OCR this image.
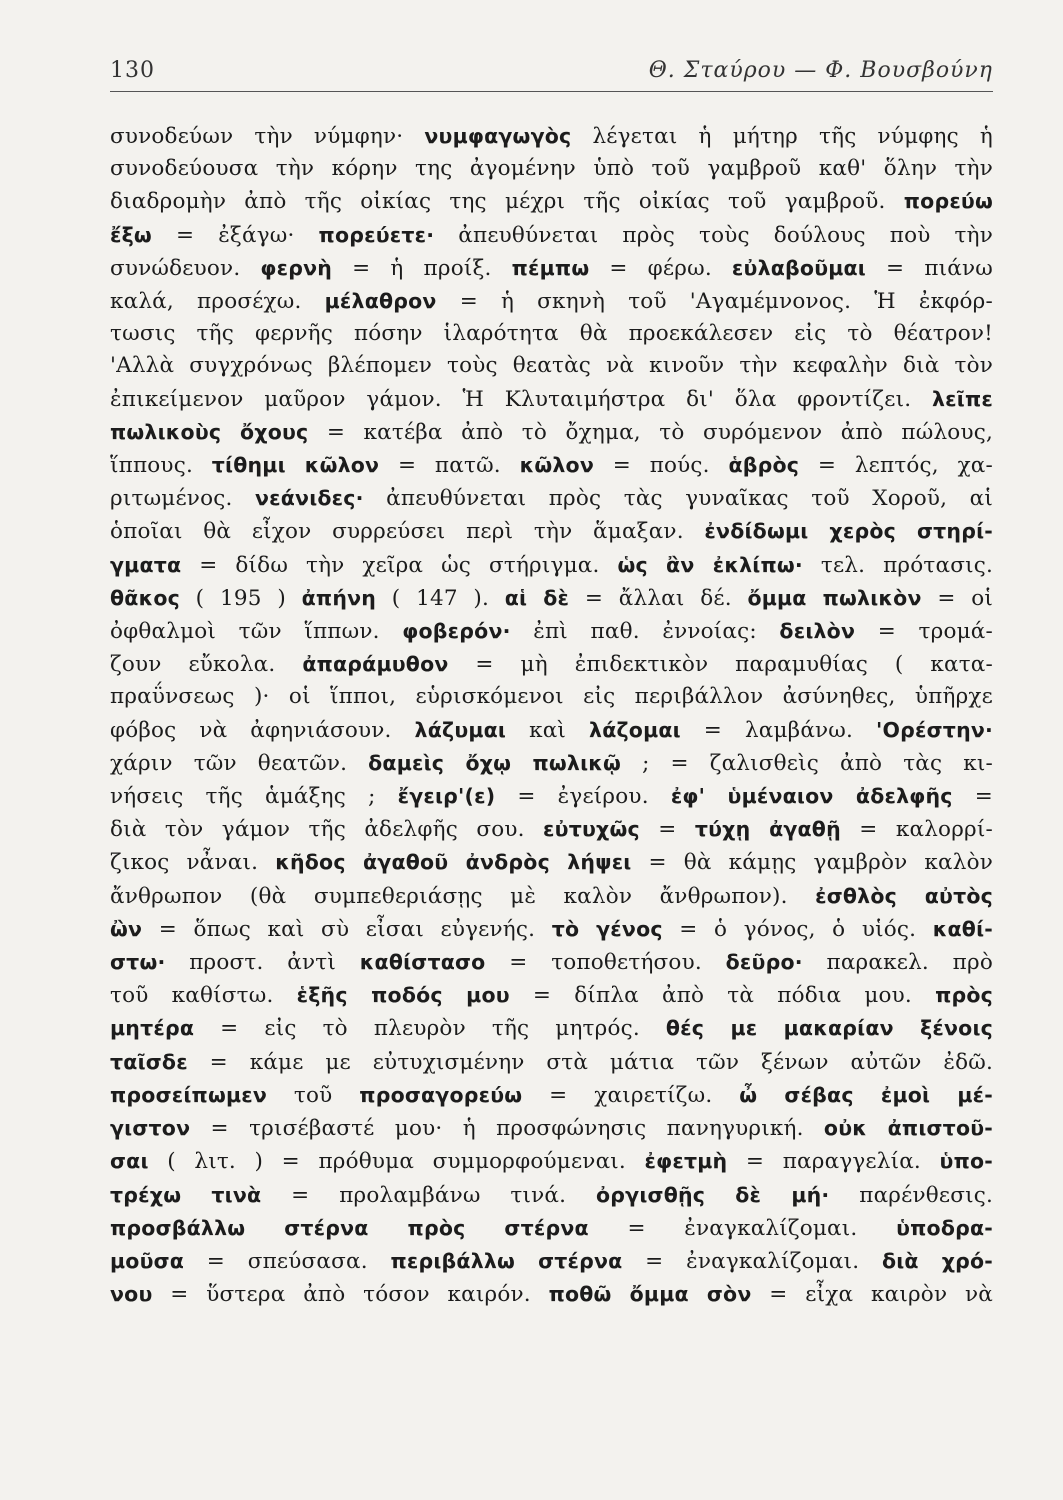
130	Θ. Σταύρου — Φ. Βουσβούνη
συνοδεύων τὴν νύμφην· νυμφαγωγὸς λέγεται ἡ μήτηρ τῆς νύμφης ἡ
συνοδεύουσα τὴν κόρην της ἀγομένην ὑπὸ τοῦ γαμβροῦ καθ' ὅλην τὴν
διαδρομὴν ἀπὸ τῆς οἰκίας της μέχρι τῆς οἰκίας τοῦ γαμβροῦ. πορεύω
ἔξω = ἐξάγω· πορεύετε· ἀπευθύνεται πρὸς τοὺς δούλους ποὺ τὴν
συνώδευον. φερνὴ = ἡ προίξ. πέμπω = φέρω. εὐλαβοῦμαι = πιάνω
καλά, προσέχω. μέλαθρον = ἡ σκηνὴ τοῦ 'Αγαμέμνονος. Ἡ ἐκφόρ-
τωσις τῆς φερνῆς πόσην ἱλαρότητα θὰ προεκάλεσεν εἰς τὸ θέατρον!
'Αλλὰ συγχρόνως βλέπομεν τοὺς θεατὰς νὰ κινοῦν τὴν κεφαλὴν διὰ τὸν
ἐπικείμενον μαῦρον γάμον. Ἡ Κλυταιμήστρα δι' ὅλα φροντίζει. λεῖπε
πωλικοὺς ὄχους = κατέβα ἀπὸ τὸ ὄχημα, τὸ συρόμενον ἀπὸ πώλους,
ἵππους. τίθημι κῶλον = πατῶ. κῶλον = πούς. ἁβρὸς = λεπτός, χα-
ριτωμένος. νεάνιδες· ἀπευθύνεται πρὸς τὰς γυναῖκας τοῦ Χοροῦ, αἱ
ὁποῖαι θὰ εἶχον συρρεύσει περὶ τὴν ἅμαξαν. ἐνδίδωμι χερὸς στηρί-
γματα = δίδω τὴν χεῖρα ὡς στήριγμα. ὡς ἂν ἐκλίπω· τελ. πρότασις.
θᾶκος ( 195 ) ἀπήνη ( 147 ). αἱ δὲ = ἄλλαι δέ. ὄμμα πωλικὸν = οἱ
ὀφθαλμοὶ τῶν ἵππων. φοβερόν· ἐπὶ παθ. ἐννοίας: δειλὸν = τρομά-
ζουν εὔκολα. ἀπαράμυθον = μὴ ἐπιδεκτικὸν παραμυθίας ( κατα-
πραΰνσεως )· οἱ ἵπποι, εὑρισκόμενοι εἰς περιβάλλον ἀσύνηθες, ὑπῆρχε
φόβος νὰ ἀφηνιάσουν. λάζυμαι καὶ λάζομαι = λαμβάνω. 'Ορέστην·
χάριν τῶν θεατῶν. δαμεὶς ὄχῳ πωλικῷ ; = ζαλισθεὶς ἀπὸ τὰς κι-
νήσεις τῆς ἁμάξης ; ἔγειρ'(ε) = ἐγείρου. ἐφ' ὑμέναιον ἀδελφῆς =
διὰ τὸν γάμον τῆς ἀδελφῆς σου. εὐτυχῶς = τύχῃ ἀγαθῇ = καλορρί-
ζικος νἆναι. κῆδος ἀγαθοῦ ἀνδρὸς λήψει = θὰ κάμῃς γαμβρὸν καλὸν
ἄνθρωπον (θὰ συμπεθεριάσῃς μὲ καλὸν ἄνθρωπον). ἐσθλὸς αὐτὸς
ὢν = ὅπως καὶ σὺ εἶσαι εὐγενής. τὸ γένος = ὁ γόνος, ὁ υἱός. καθί-
στω· προστ. ἀντὶ καθίστασο = τοποθετήσου. δεῦρο· παρακελ. πρὸ
τοῦ καθίστω. ἑξῆς ποδός μου = δίπλα ἀπὸ τὰ πόδια μου. πρὸς
μητέρα = εἰς τὸ πλευρὸν τῆς μητρός. θές με μακαρίαν ξένοις
ταῖσδε = κάμε με εὐτυχισμένην στὰ μάτια τῶν ξένων αὐτῶν ἐδῶ.
προσείπωμεν τοῦ προσαγορεύω = χαιρετίζω. ὦ σέβας ἐμοὶ μέ-
γιστον = τρισέβαστέ μου· ἡ προσφώνησις πανηγυρική. οὐκ ἀπιστοῦ-
σαι ( λιτ. ) = πρόθυμα συμμορφούμεναι. ἐφετμὴ = παραγγελία. ὑπο-
τρέχω τινὰ = προλαμβάνω τινά. ὀργισθῇς δὲ μή· παρένθεσις.
προσβάλλω στέρνα πρὸς στέρνα = ἐναγκαλίζομαι. ὑποδρα-
μοῦσα = σπεύσασα. περιβάλλω στέρνα = ἐναγκαλίζομαι. διὰ χρό-
νου = ὕστερα ἀπὸ τόσον καιρόν. ποθῶ ὄμμα σὸν = εἶχα καιρὸν νὰ
